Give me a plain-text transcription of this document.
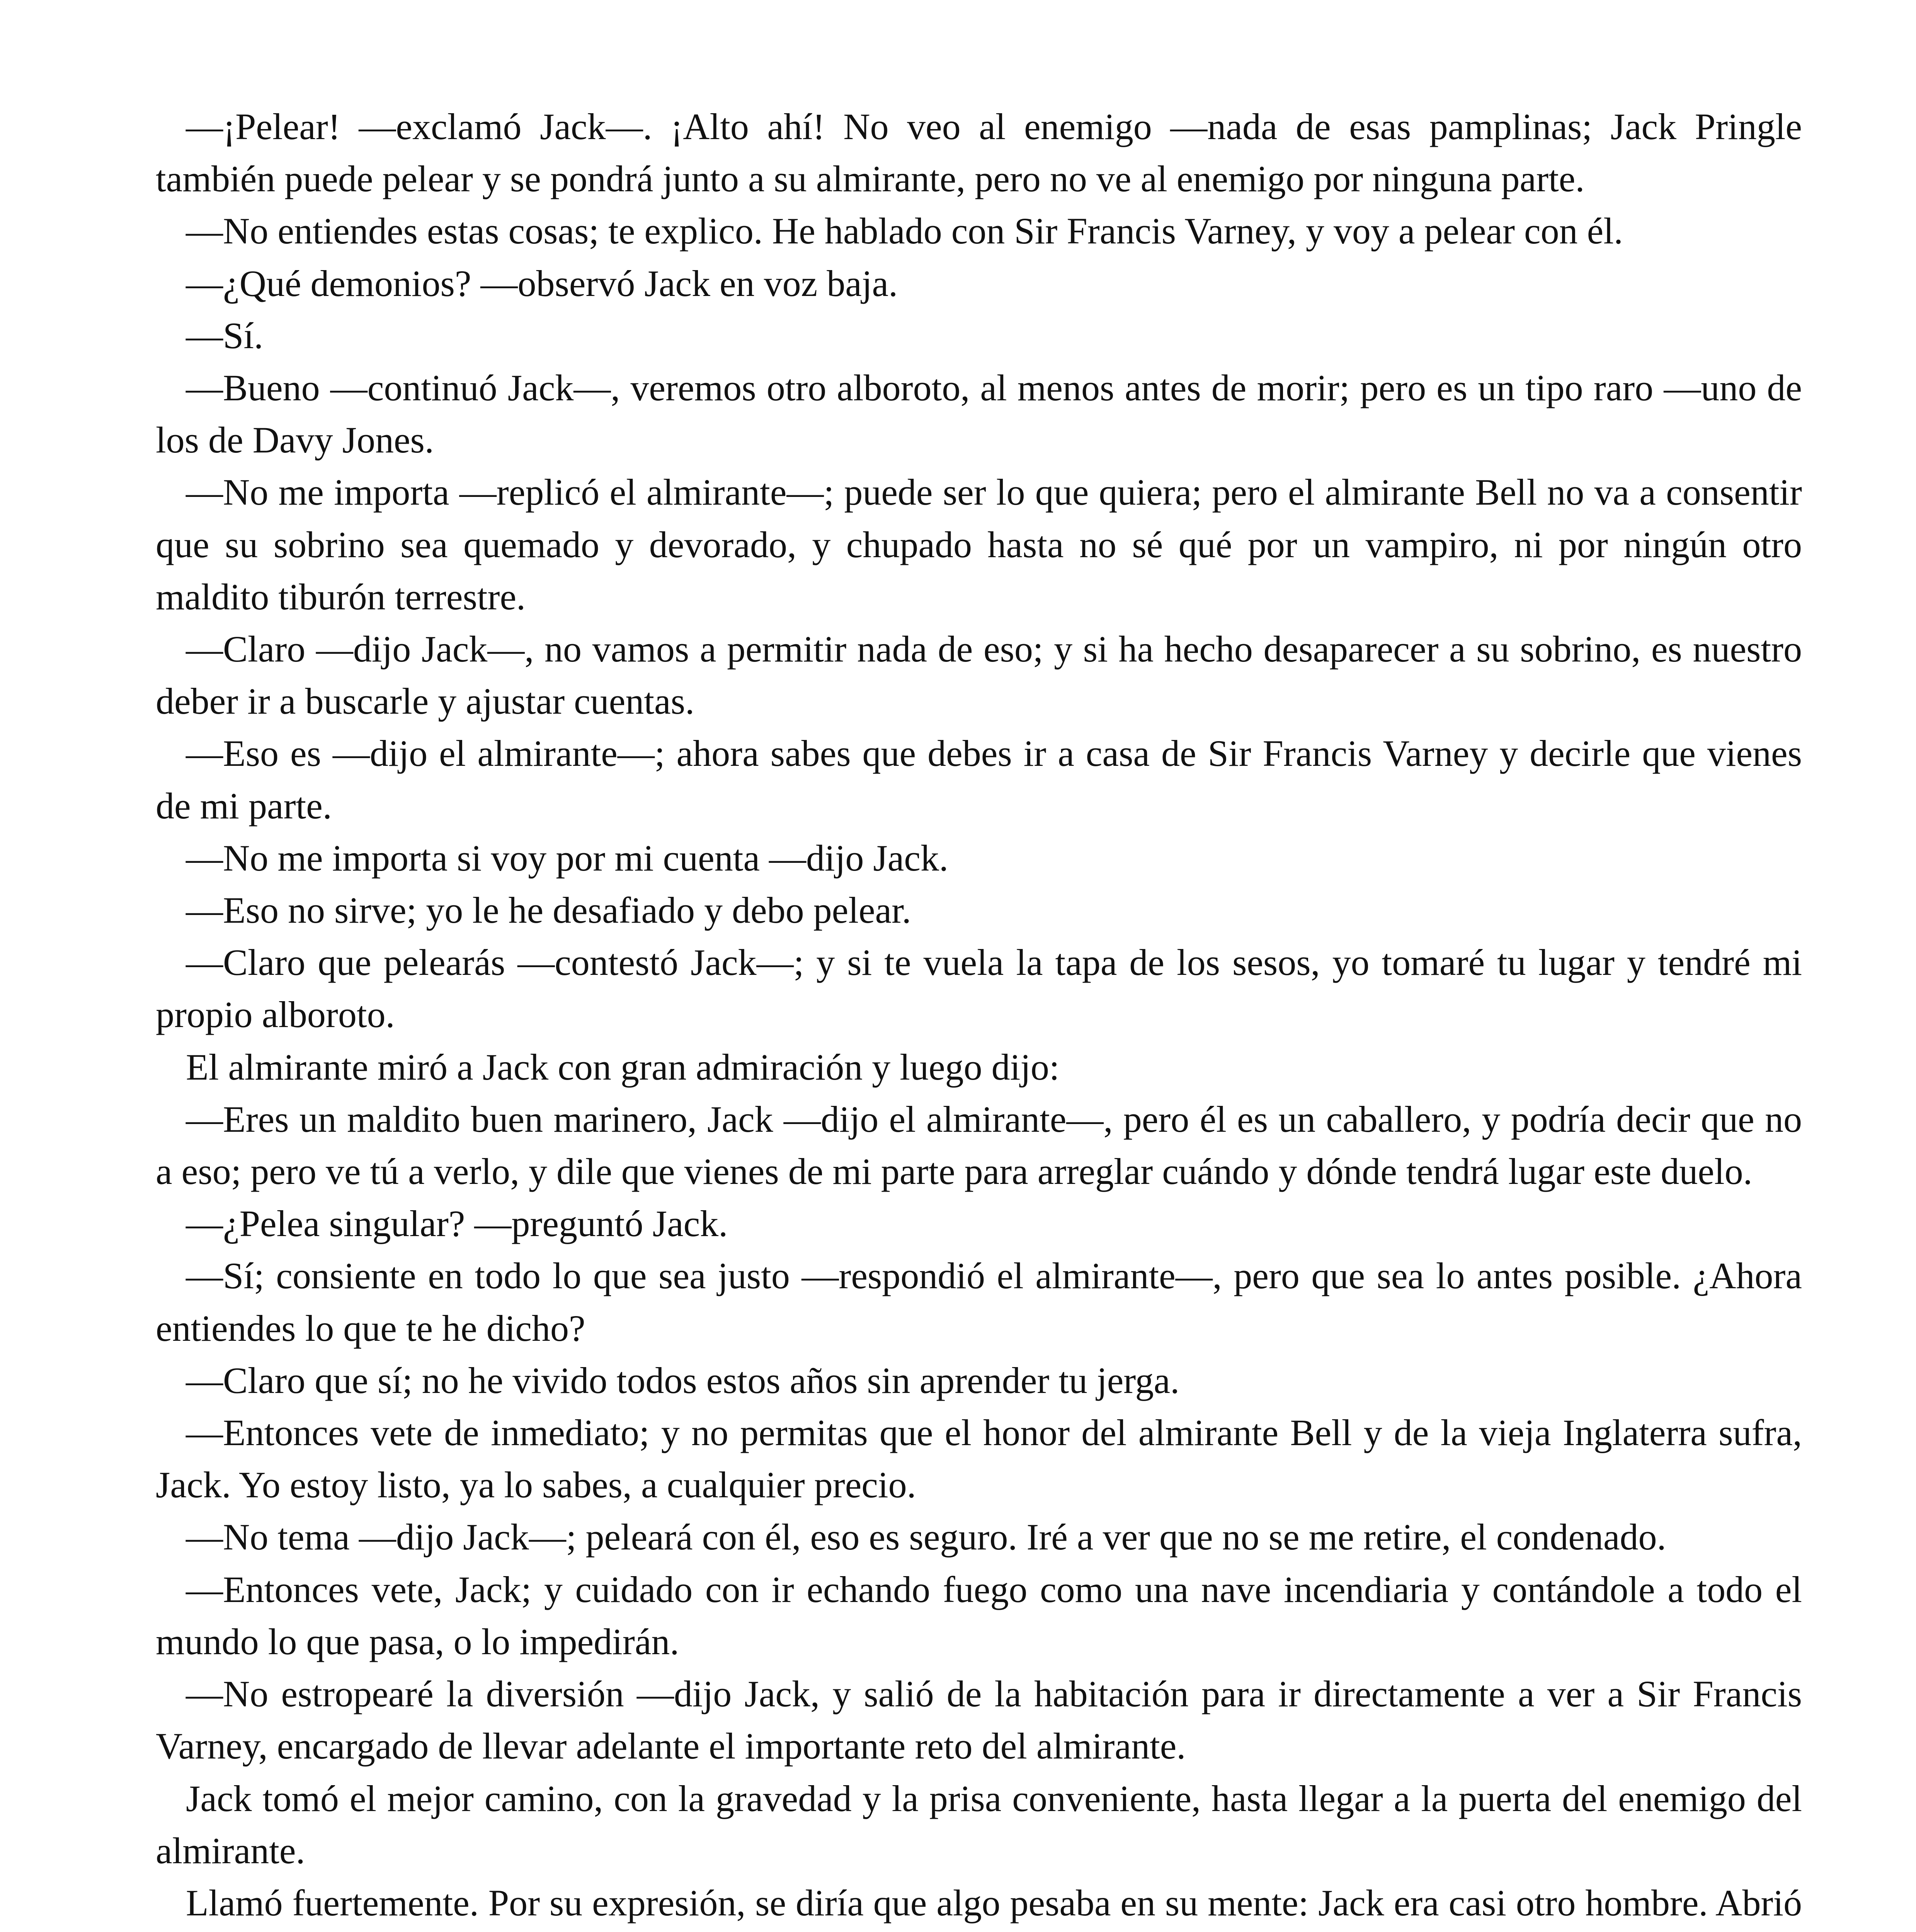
—¡Pelear! —exclamó Jack—. ¡Alto ahí! No veo al enemigo —nada de esas pamplinas; Jack Pringle también puede pelear y se pondrá junto a su almirante, pero no ve al enemigo por ninguna parte.

—No entiendes estas cosas; te explico. He hablado con Sir Francis Varney, y voy a pelear con él.

—¿Qué demonios? —observó Jack en voz baja.

—Sí.

—Bueno —continuó Jack—, veremos otro alboroto, al menos antes de morir; pero es un tipo raro —uno de los de Davy Jones.

—No me importa —replicó el almirante—; puede ser lo que quiera; pero el almirante Bell no va a consentir que su sobrino sea quemado y devorado, y chupado hasta no sé qué por un vampiro, ni por ningún otro maldito tiburón terrestre.

—Claro —dijo Jack—, no vamos a permitir nada de eso; y si ha hecho desaparecer a su sobrino, es nuestro deber ir a buscarle y ajustar cuentas.

—Eso es —dijo el almirante—; ahora sabes que debes ir a casa de Sir Francis Varney y decirle que vienes de mi parte.

—No me importa si voy por mi cuenta —dijo Jack.

—Eso no sirve; yo le he desafiado y debo pelear.

—Claro que pelearás —contestó Jack—; y si te vuela la tapa de los sesos, yo tomaré tu lugar y tendré mi propio alboroto.

El almirante miró a Jack con gran admiración y luego dijo:

—Eres un maldito buen marinero, Jack —dijo el almirante—, pero él es un caballero, y podría decir que no a eso; pero ve tú a verlo, y dile que vienes de mi parte para arreglar cuándo y dónde tendrá lugar este duelo.

—¿Pelea singular? —preguntó Jack.

—Sí; consiente en todo lo que sea justo —respondió el almirante—, pero que sea lo antes posible. ¿Ahora entiendes lo que te he dicho?

—Claro que sí; no he vivido todos estos años sin aprender tu jerga.

—Entonces vete de inmediato; y no permitas que el honor del almirante Bell y de la vieja Inglaterra sufra, Jack. Yo estoy listo, ya lo sabes, a cualquier precio.

—No tema —dijo Jack—; peleará con él, eso es seguro. Iré a ver que no se me retire, el condenado.

—Entonces vete, Jack; y cuidado con ir echando fuego como una nave incendiaria y contándole a todo el mundo lo que pasa, o lo impedirán.

—No estropearé la diversión —dijo Jack, y salió de la habitación para ir directamente a ver a Sir Francis Varney, encargado de llevar adelante el importante reto del almirante.

Jack tomó el mejor camino, con la gravedad y la prisa conveniente, hasta llegar a la puerta del enemigo del almirante.

Llamó fuertemente. Por su expresión, se diría que algo pesaba en su mente: Jack era casi otro hombre. Abrió
